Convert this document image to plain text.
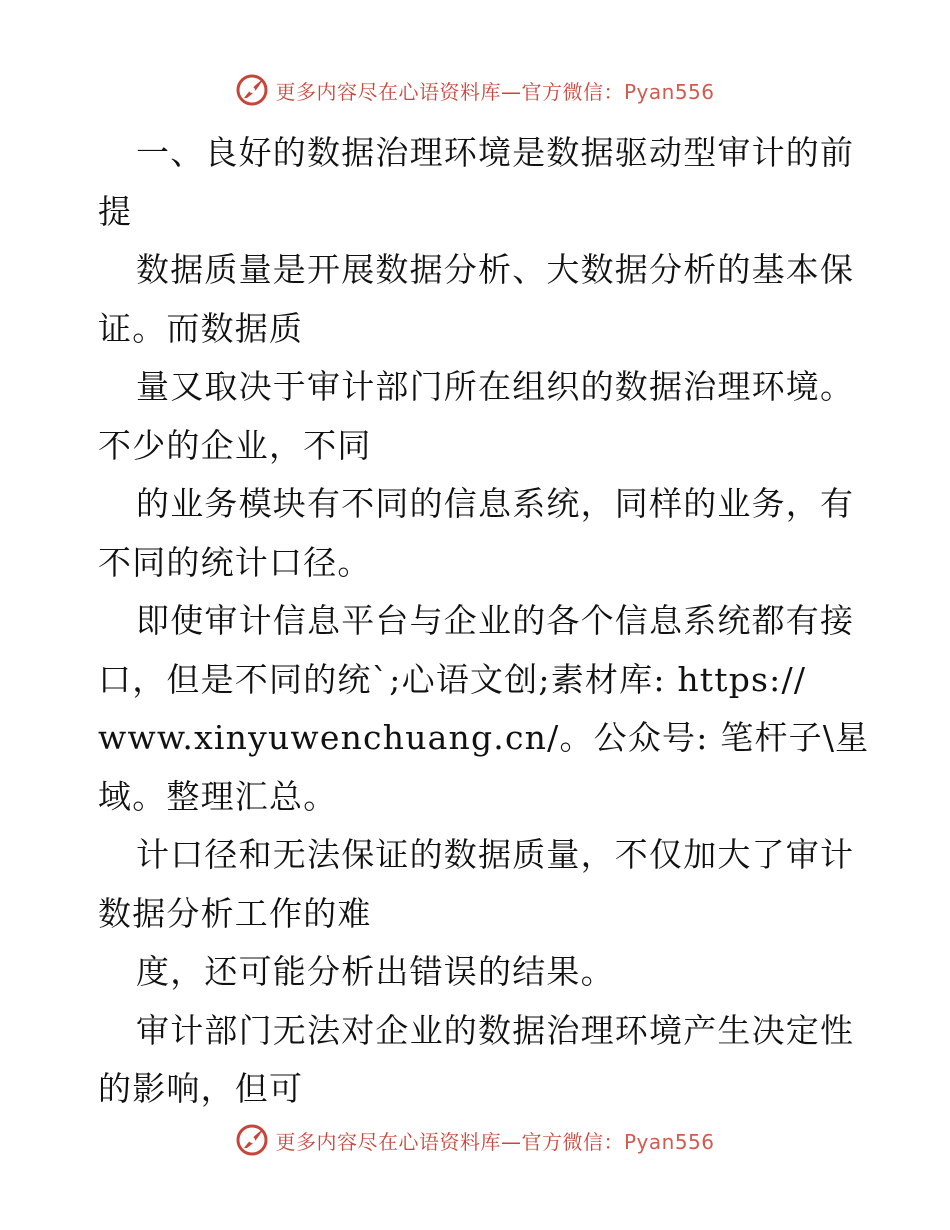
更多内容尽在心语资料库—官方微信：Pyan556
一、良好的数据治理环境是数据驱动型审计的前
提
数据质量是开展数据分析、大数据分析的基本保
证。而数据质
量又取决于审计部门所在组织的数据治理环境。
不少的企业，不同
的业务模块有不同的信息系统，同样的业务，有
不同的统计口径。
即使审计信息平台与企业的各个信息系统都有接
口，但是不同的统`;心语文创;素材库: https://
www.xinyuwenchuang.cn/。公众号: 笔杆子\星
域。整理汇总。
计口径和无法保证的数据质量，不仅加大了审计
数据分析工作的难
度，还可能分析出错误的结果。
审计部门无法对企业的数据治理环境产生决定性
的影响，但可
更多内容尽在心语资料库—官方微信：Pyan556
